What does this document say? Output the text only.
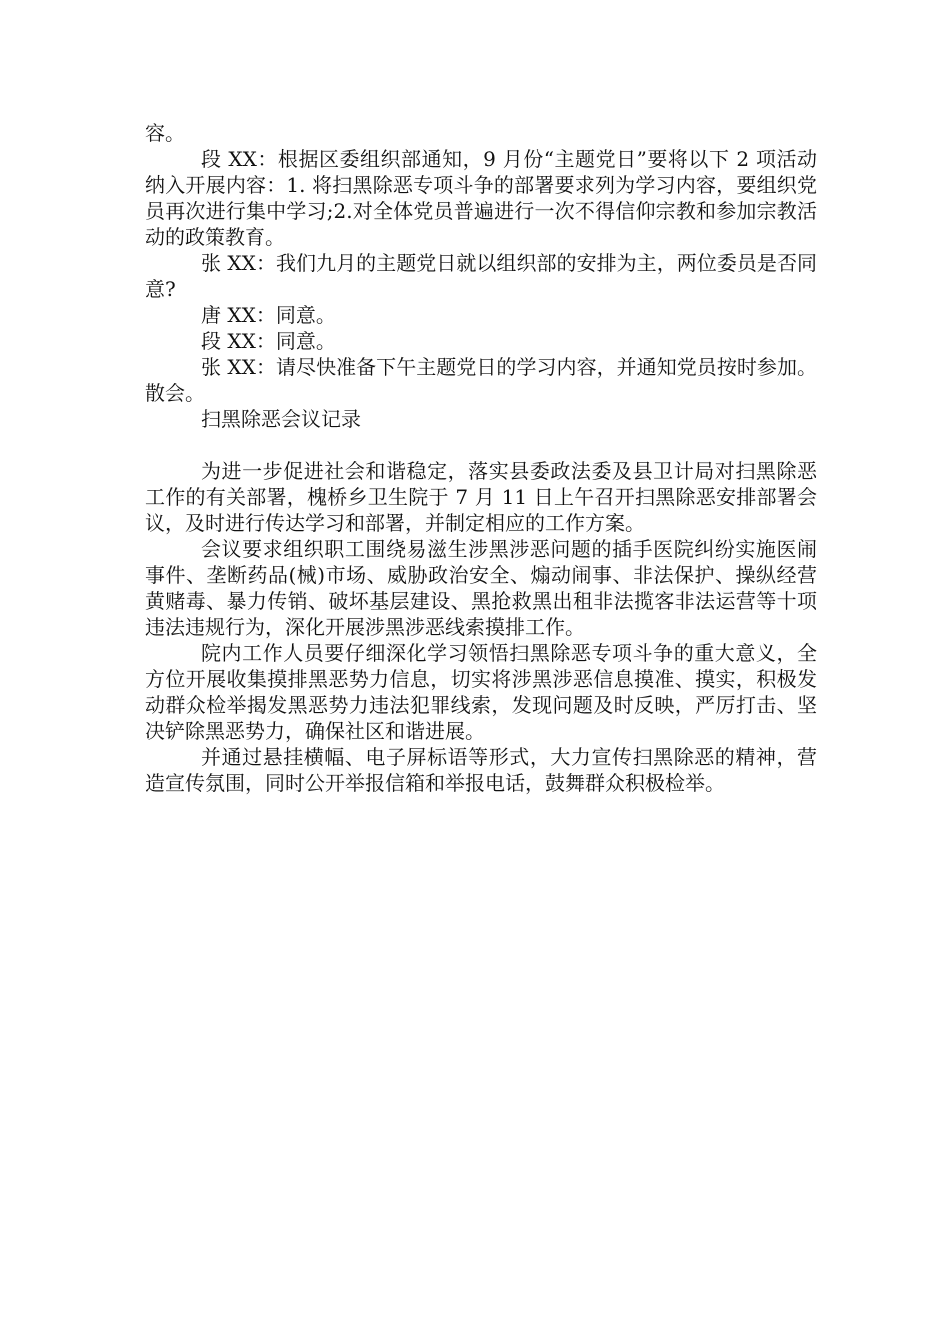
容。

段 XX：根据区委组织部通知，9 月份“主题党日”要将以下 2 项活动纳入开展内容：1. 将扫黑除恶专项斗争的部署要求列为学习内容，要组织党员再次进行集中学习;2.对全体党员普遍进行一次不得信仰宗教和参加宗教活动的政策教育。

张 XX：我们九月的主题党日就以组织部的安排为主，两位委员是否同意?

唐 XX：同意。

段 XX：同意。

张 XX：请尽快准备下午主题党日的学习内容，并通知党员按时参加。散会。

扫黑除恶会议记录

为进一步促进社会和谐稳定，落实县委政法委及县卫计局对扫黑除恶工作的有关部署，槐桥乡卫生院于 7 月 11 日上午召开扫黑除恶安排部署会议，及时进行传达学习和部署，并制定相应的工作方案。

会议要求组织职工围绕易滋生涉黑涉恶问题的插手医院纠纷实施医闹事件、垄断药品(械)市场、威胁政治安全、煽动闹事、非法保护、操纵经营黄赌毒、暴力传销、破坏基层建设、黑抢救黑出租非法揽客非法运营等十项违法违规行为，深化开展涉黑涉恶线索摸排工作。

院内工作人员要仔细深化学习领悟扫黑除恶专项斗争的重大意义，全方位开展收集摸排黑恶势力信息，切实将涉黑涉恶信息摸准、摸实，积极发动群众检举揭发黑恶势力违法犯罪线索，发现问题及时反映，严厉打击、坚决铲除黑恶势力，确保社区和谐进展。

并通过悬挂横幅、电子屏标语等形式，大力宣传扫黑除恶的精神，营造宣传氛围，同时公开举报信箱和举报电话，鼓舞群众积极检举。
